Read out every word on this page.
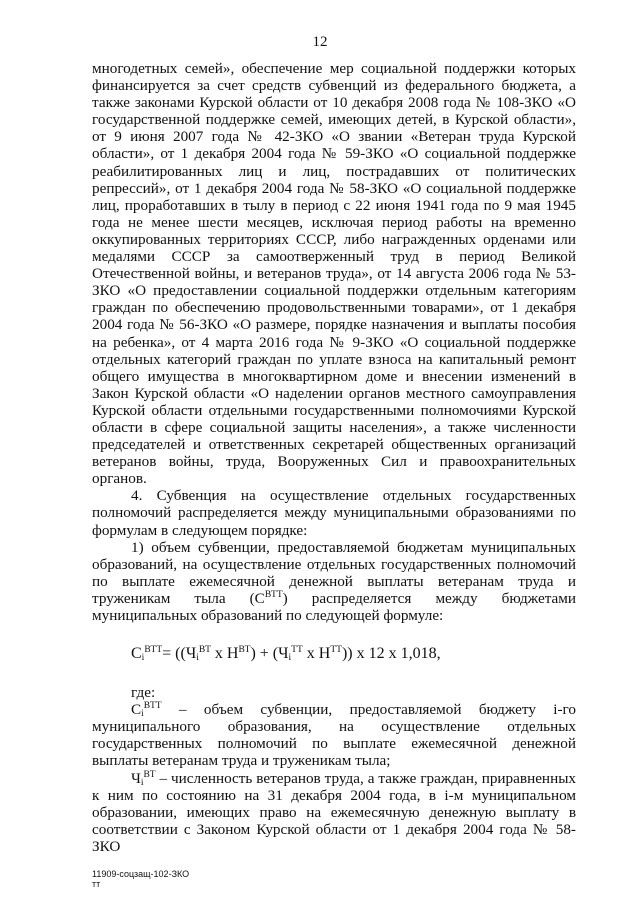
12

многодетных семей», обеспечение мер социальной поддержки которых финансируется за счет средств субвенций из федерального бюджета, а также законами Курской области от 10 декабря 2008 года № 108-ЗКО «О государственной поддержке семей, имеющих детей, в Курской области», от 9 июня 2007 года № 42-ЗКО «О звании «Ветеран труда Курской области», от 1 декабря 2004 года № 59-ЗКО «О социальной поддержке реабилитированных лиц и лиц, пострадавших от политических репрессий», от 1 декабря 2004 года № 58-ЗКО «О социальной поддержке лиц, проработавших в тылу в период с 22 июня 1941 года по 9 мая 1945 года не менее шести месяцев, исключая период работы на временно оккупированных территориях СССР, либо награжденных орденами или медалями СССР за самоотверженный труд в период Великой Отечественной войны, и ветеранов труда», от 14 августа 2006 года № 53-ЗКО «О предоставлении социальной поддержки отдельным категориям граждан по обеспечению продовольственными товарами», от 1 декабря 2004 года № 56-ЗКО «О размере, порядке назначения и выплаты пособия на ребенка», от 4 марта 2016 года № 9-ЗКО «О социальной поддержке отдельных категорий граждан по уплате взноса на капитальный ремонт общего имущества в многоквартирном доме и внесении изменений в Закон Курской области «О наделении органов местного самоуправления Курской области отдельными государственными полномочиями Курской области в сфере социальной защиты населения», а также численности председателей и ответственных секретарей общественных организаций ветеранов войны, труда, Вооруженных Сил и правоохранительных органов.

4. Субвенция на осуществление отдельных государственных полномочий распределяется между муниципальными образованиями по формулам в следующем порядке:

1) объем субвенции, предоставляемой бюджетам муниципальных образований, на осуществление отдельных государственных полномочий по выплате ежемесячной денежной выплаты ветеранам труда и труженикам тыла $(С^{ВТТ})$ распределяется между бюджетами муниципальных образований по следующей формуле:

$С_i^{ВТТ}= ((Ч_i^{ВТ}$ х $Н^{ВТ}) + (Ч_i^{ТТ}$ х $Н^{ТТ}$)) х 12 х 1,018,

где:

$С_i^{ВТТ}$ – объем субвенции, предоставляемой бюджету i-го муниципального образования, на осуществление отдельных государственных полномочий по выплате ежемесячной денежной выплаты ветеранам труда и труженикам тыла;

$Ч_i^{ВТ}$ – численность ветеранов труда, а также граждан, приравненных к ним по состоянию на 31 декабря 2004 года, в i-м муниципальном образовании, имеющих право на ежемесячную денежную выплату в соответствии с Законом Курской области от 1 декабря 2004 года № 58-ЗКО

11909-соцзащ-102-ЗКО
тт
